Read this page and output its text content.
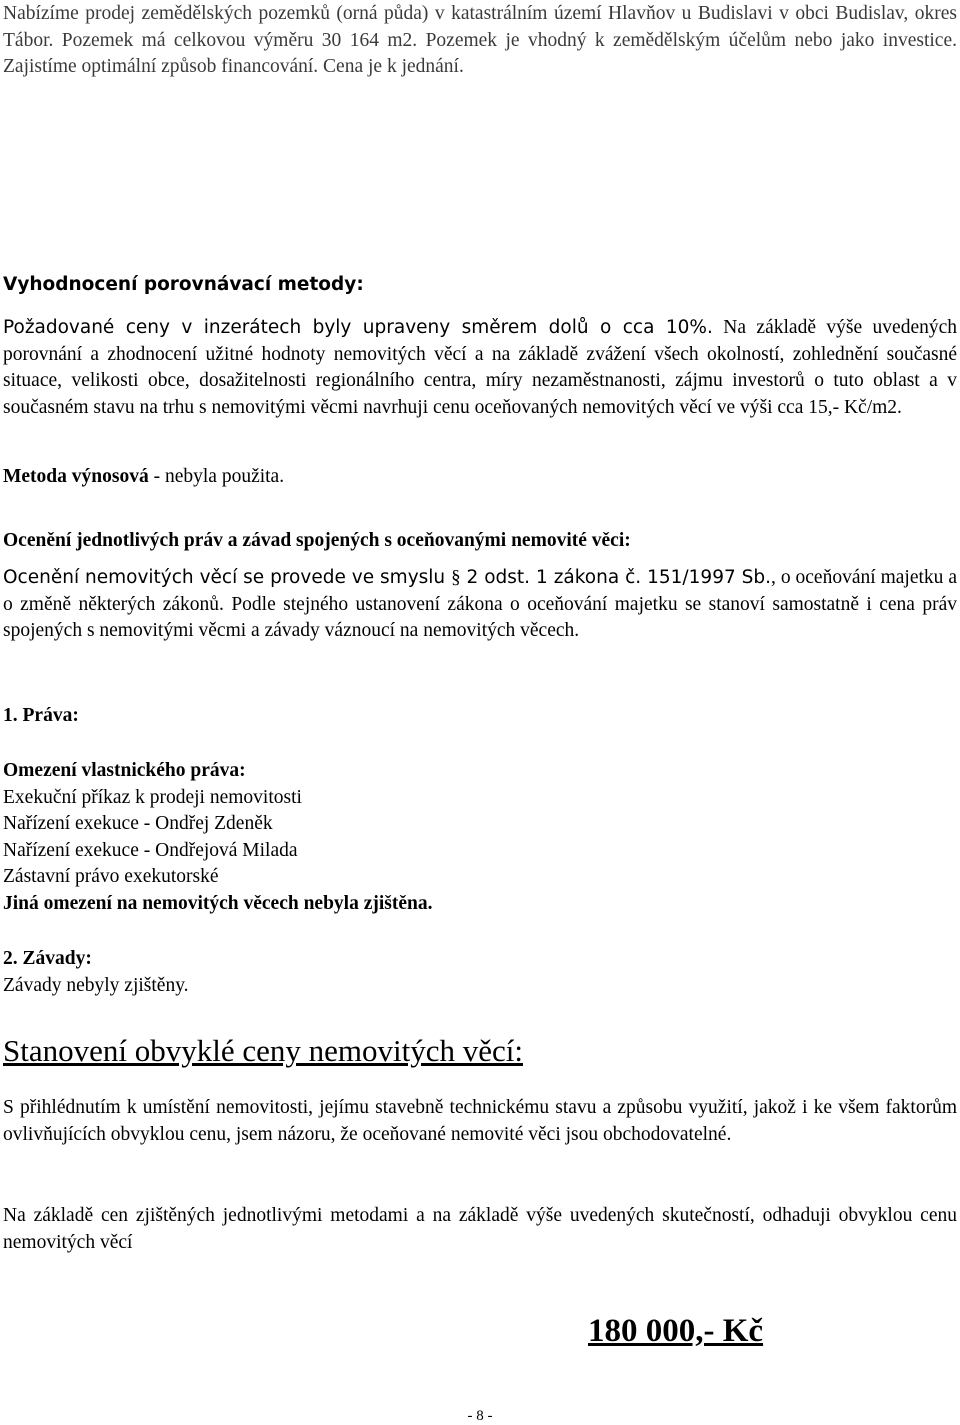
Nabízíme prodej zemědělských pozemků (orná půda) v katastrálním území Hlavňov u Budislavi v obci Budislav, okres Tábor. Pozemek má celkovou výměru 30 164 m2. Pozemek je vhodný k zemědělským účelům nebo jako investice. Zajistíme optimální způsob financování. Cena je k jednání.

Vyhodnocení porovnávací metody:

Požadované ceny v inzerátech byly upraveny směrem dolů o cca 10%. Na základě výše uvedených porovnání a zhodnocení užitné hodnoty nemovitých věcí a na základě zvážení všech okolností, zohlednění současné situace, velikosti obce, dosažitelnosti regionálního centra, míry nezaměstnanosti, zájmu investorů o tuto oblast a v současném stavu na trhu s nemovitými věcmi navrhuji cenu oceňovaných nemovitých věcí ve výši cca 15,- Kč/m2.

Metoda výnosová - nebyla použita.

Ocenění jednotlivých práv a závad spojených s oceňovanými nemovité věci:

Ocenění nemovitých věcí se provede ve smyslu § 2 odst. 1 zákona č. 151/1997 Sb., o oceňování majetku a o změně některých zákonů. Podle stejného ustanovení zákona o oceňování majetku se stanoví samostatně i cena práv spojených s nemovitými věcmi a závady váznoucí na nemovitých věcech.

1. Práva:

Omezení vlastnického práva:

Exekuční příkaz k prodeji nemovitosti

Nařízení exekuce - Ondřej Zdeněk

Nařízení exekuce - Ondřejová Milada

Zástavní právo exekutorské

Jiná omezení na nemovitých věcech nebyla zjištěna.

2. Závady:

Závady nebyly zjištěny.

Stanovení obvyklé ceny nemovitých věcí:

S přihlédnutím k umístění nemovitosti, jejímu stavebně technickému stavu a způsobu využití, jakož i ke všem faktorům ovlivňujících obvyklou cenu, jsem názoru, že oceňované nemovité věci jsou obchodovatelné.

Na základě cen zjištěných jednotlivými metodami a na základě výše uvedených skutečností, odhaduji obvyklou cenu nemovitých věcí

180 000,- Kč
- 8 -
